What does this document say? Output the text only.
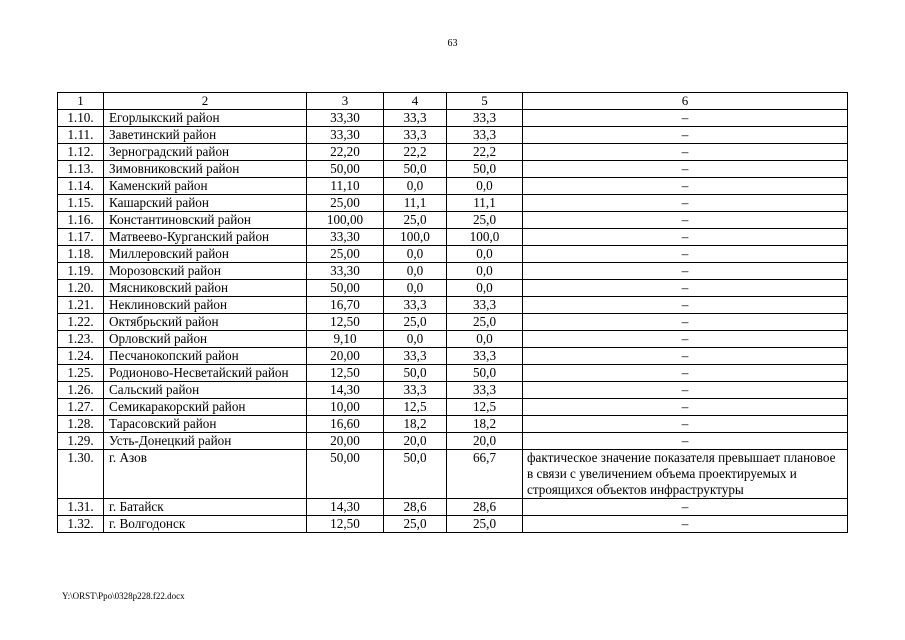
63
1	2	3	4	5	6
1.10.	Егорлыкский район	33,30	33,3	33,3	–
1.11.	Заветинский район	33,30	33,3	33,3	–
1.12.	Зерноградский район	22,20	22,2	22,2	–
1.13.	Зимовниковский район	50,00	50,0	50,0	–
1.14.	Каменский район	11,10	0,0	0,0	–
1.15.	Кашарский район	25,00	11,1	11,1	–
1.16.	Константиновский район	100,00	25,0	25,0	–
1.17.	Матвеево-Курганский район	33,30	100,0	100,0	–
1.18.	Миллеровский район	25,00	0,0	0,0	–
1.19.	Морозовский район	33,30	0,0	0,0	–
1.20.	Мясниковский район	50,00	0,0	0,0	–
1.21.	Неклиновский район	16,70	33,3	33,3	–
1.22.	Октябрьский район	12,50	25,0	25,0	–
1.23.	Орловский район	9,10	0,0	0,0	–
1.24.	Песчанокопский район	20,00	33,3	33,3	–
1.25.	Родионово-Несветайский район	12,50	50,0	50,0	–
1.26.	Сальский район	14,30	33,3	33,3	–
1.27.	Семикаракорский район	10,00	12,5	12,5	–
1.28.	Тарасовский район	16,60	18,2	18,2	–
1.29.	Усть-Донецкий район	20,00	20,0	20,0	–
1.30.	г. Азов	50,00	50,0	66,7	фактическое значение показателя превышает плановое в связи с увеличением объема проектируемых и строящихся объектов инфраструктуры
1.31.	г. Батайск	14,30	28,6	28,6	–
1.32.	г. Волгодонск	12,50	25,0	25,0	–
Y:\ORST\Ppo\0328p228.f22.docx
